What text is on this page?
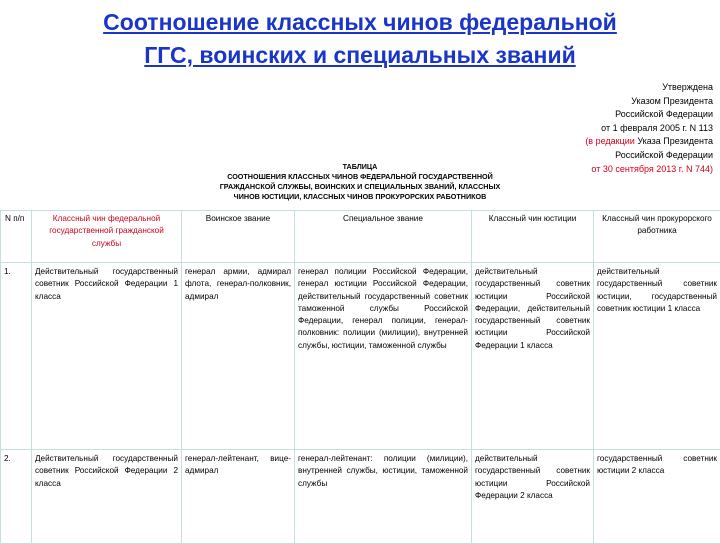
Соотношение классных чинов федеральной
ГГС, воинских и специальных званий
Утверждена
Указом Президента
Российской Федерации
от 1 февраля 2005 г. N 113
(в редакции Указа Президента
Российской Федерации
от 30 сентября 2013 г. N 744)
ТАБЛИЦА
СООТНОШЕНИЯ КЛАССНЫХ ЧИНОВ ФЕДЕРАЛЬНОЙ ГОСУДАРСТВЕННОЙ
ГРАЖДАНСКОЙ СЛУЖБЫ, ВОИНСКИХ И СПЕЦИАЛЬНЫХ ЗВАНИЙ, КЛАССНЫХ
ЧИНОВ ЮСТИЦИИ, КЛАССНЫХ ЧИНОВ ПРОКУРОРСКИХ РАБОТНИКОВ
N п/п	Классный чин федеральной государственной гражданской службы	Воинское звание	Специальное звание	Классный чин юстиции	Классный чин прокурорского работника
1.	Действительный государственный советник Российской Федерации 1 класса	генерал армии, адмирал флота, генерал-полковник, адмирал	генерал полиции Российской Федерации, генерал юстиции Российской Федерации, действительный государственный советник таможенной службы Российской Федерации, генерал полиции, генерал-полковник: полиции (милиции), внутренней службы, юстиции, таможенной службы	действительный государственный советник юстиции Российской Федерации, действительный государственный советник юстиции Российской Федерации 1 класса	действительный государственный советник юстиции, государственный советник юстиции 1 класса
2.	Действительный государственный советник Российской Федерации 2 класса	генерал-лейтенант, вице-адмирал	генерал-лейтенант: полиции (милиции), внутренней службы, юстиции, таможенной службы	действительный государственный советник юстиции Российской Федерации 2 класса	государственный советник юстиции 2 класса
